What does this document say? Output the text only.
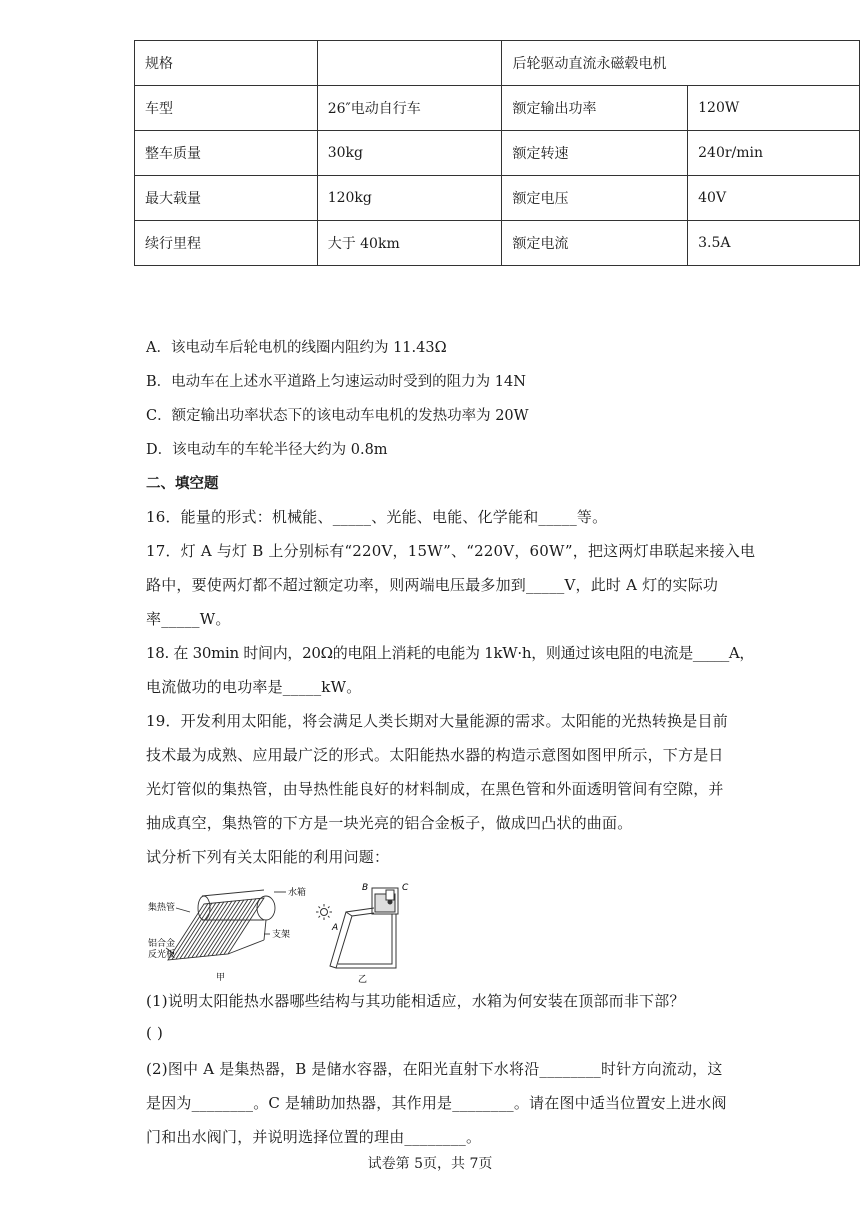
规格		后轮驱动直流永磁毂电机	
车型	26″电动自行车	额定输出功率	120W
整车质量	30kg	额定转速	240r/min
最大载量	120kg	额定电压	40V
续行里程	大于 40km	额定电流	3.5A
A．该电动车后轮电机的线圈内阻约为 11.43Ω
B．电动车在上述水平道路上匀速运动时受到的阻力为 14N
C．额定输出功率状态下的该电动车电机的发热功率为 20W
D．该电动车的车轮半径大约为 0.8m
二、填空题
16．能量的形式：机械能、_____、光能、电能、化学能和_____等。
17．灯 A 与灯 B 上分别标有“220V，15W”、“220V，60W”，把这两灯串联起来接入电
路中，要使两灯都不超过额定功率，则两端电压最多加到_____V，此时 A 灯的实际功
率_____W。
18. 在 30min 时间内，20Ω的电阻上消耗的电能为 1kW·h，则通过该电阻的电流是_____A，
电流做功的电功率是_____kW。
19．开发利用太阳能，将会满足人类长期对大量能源的需求。太阳能的光热转换是目前
技术最为成熟、应用最广泛的形式。太阳能热水器的构造示意图如图甲所示，下方是日
光灯管似的集热管，由导热性能良好的材料制成，在黑色管和外面透明管间有空隙，并
抽成真空，集热管的下方是一块光亮的铝合金板子，做成凹凸状的曲面。
试分析下列有关太阳能的利用问题：
水箱
集热管
支架
铝合金
反光板
甲
B	C
A
乙
(1)说明太阳能热水器哪些结构与其功能相适应，水箱为何安装在顶部而非下部？
( )
(2)图中 A 是集热器，B 是储水容器，在阳光直射下水将沿________时针方向流动，这
是因为________。C 是辅助加热器，其作用是________。请在图中适当位置安上进水阀
门和出水阀门，并说明选择位置的理由________。
试卷第 5页，共 7页
